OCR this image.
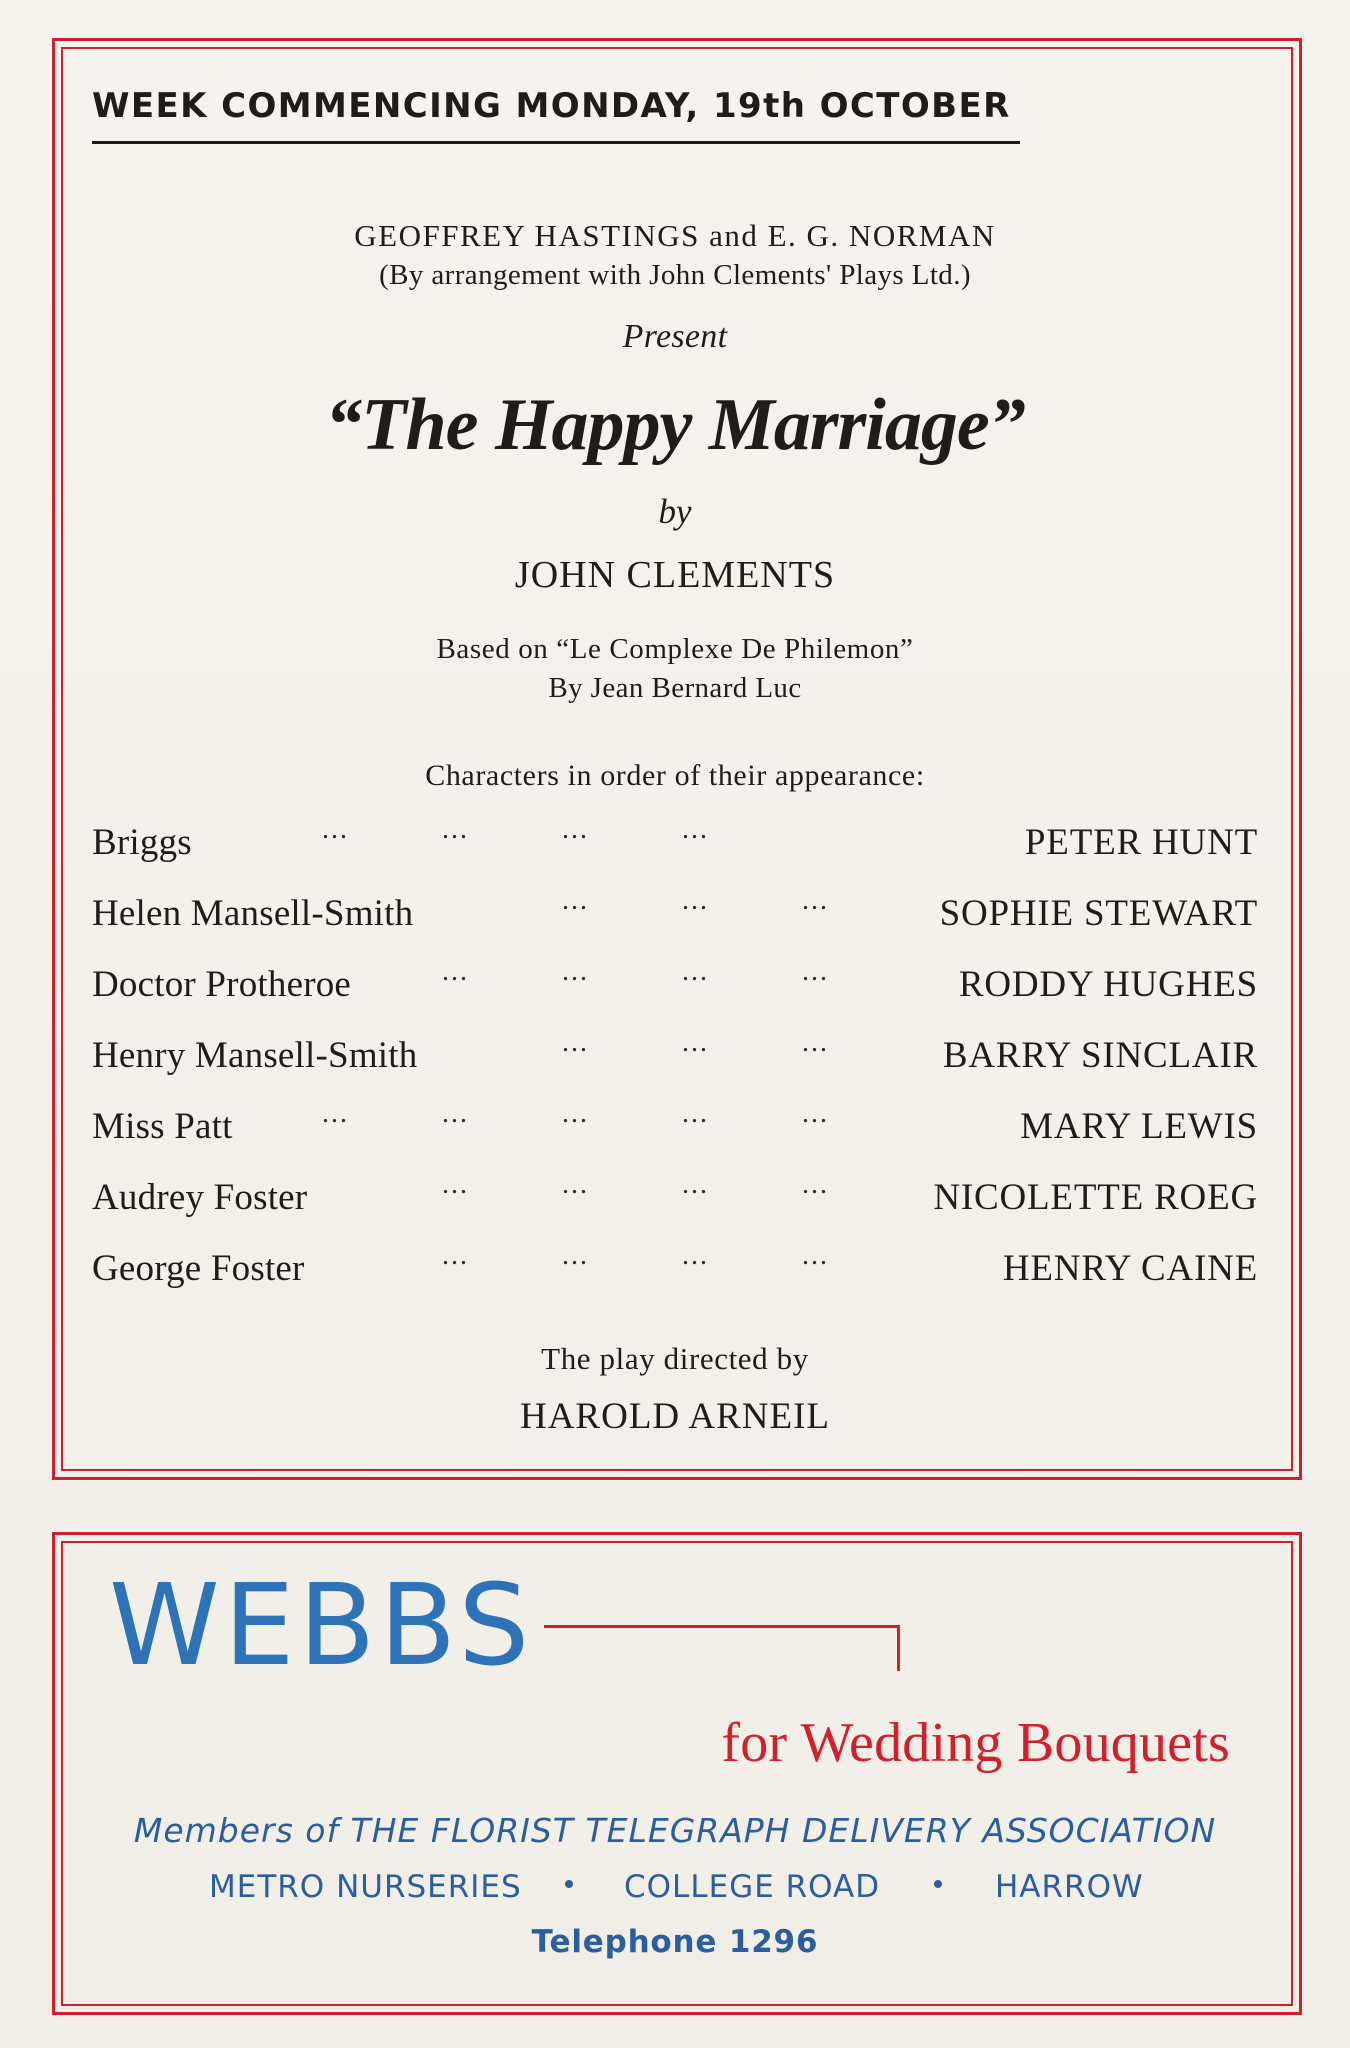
WEEK COMMENCING MONDAY, 19th OCTOBER
GEOFFREY HASTINGS and E. G. NORMAN
(By arrangement with John Clements' Plays Ltd.)
Present
“The Happy Marriage”
by
JOHN CLEMENTS
Based on “Le Complexe De Philemon”
By Jean Bernard Luc
Characters in order of their appearance:
Briggs ... ... ... ...	PETER HUNT
Helen Mansell-Smith ... ... ...	SOPHIE STEWART
Doctor Protheroe ... ... ... ...	RODDY HUGHES
Henry Mansell-Smith ... ... ...	BARRY SINCLAIR
Miss Patt ... ... ... ... ...	MARY LEWIS
Audrey Foster ... ... ... ...	NICOLETTE ROEG
George Foster ... ... ... ...	HENRY CAINE
The play directed by
HAROLD ARNEIL
WEBBS
for Wedding Bouquets
Members of THE FLORIST TELEGRAPH DELIVERY ASSOCIATION
METRO NURSERIES	COLLEGE ROAD	HARROW
Telephone 1296
